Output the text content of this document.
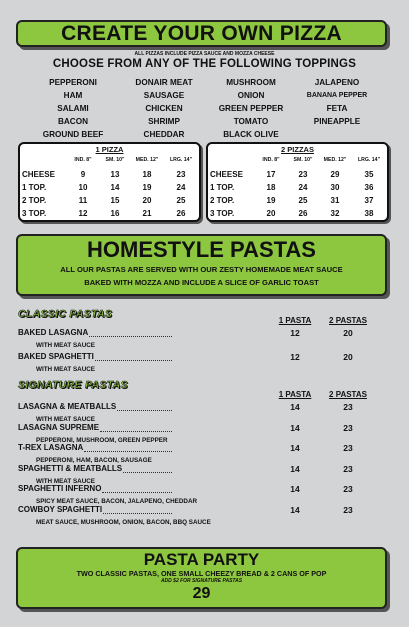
CREATE YOUR OWN PIZZA
ALL PIZZAS INCLUDE PIZZA SAUCE AND MOZZA CHEESE
CHOOSE FROM ANY OF THE FOLLOWING TOPPINGS
PEPPERONI
HAM
SALAMI
BACON
GROUND BEEF
DONAIR MEAT
SAUSAGE
CHICKEN
SHRIMP
CHEDDAR
MUSHROOM
ONION
GREEN PEPPER
TOMATO
BLACK OLIVE
JALAPENO
BANANA PEPPER
FETA
PINEAPPLE
1 PIZZA
IND. 8"	SM. 10"	MED. 12"	LRG. 14"
CHEESE	9	13	18	23
1 TOP.	10	14	19	24
2 TOP.	11	15	20	25
3 TOP.	12	16	21	26
2 PIZZAS
IND. 8"	SM. 10"	MED. 12"	LRG. 14"
CHEESE	17	23	29	35
1 TOP.	18	24	30	36
2 TOP.	19	25	31	37
3 TOP.	20	26	32	38
HOMESTYLE PASTAS
ALL OUR PASTAS ARE SERVED WITH OUR ZESTY HOMEMADE MEAT SAUCE
BAKED WITH MOZZA AND INCLUDE A SLICE OF GARLIC TOAST
CLASSIC PASTAS
1 PASTA	2 PASTAS
SIGNATURE PASTAS
1 PASTA	2 PASTAS
BAKED LASAGNA
WITH MEAT SAUCE
12	20
BAKED SPAGHETTI
WITH MEAT SAUCE
12	20
LASAGNA & MEATBALLS
WITH MEAT SAUCE
14	23
LASAGNA SUPREME
PEPPERONI, MUSHROOM, GREEN PEPPER
14	23
T-REX LASAGNA
PEPPERONI, HAM, BACON, SAUSAGE
14	23
SPAGHETTI & MEATBALLS
WITH MEAT SAUCE
14	23
SPAGHETTI INFERNO
SPICY MEAT SAUCE, BACON, JALAPENO, CHEDDAR
14	23
COWBOY SPAGHETTI
MEAT SAUCE, MUSHROOM, ONION, BACON, BBQ SAUCE
14	23
PASTA PARTY
TWO CLASSIC PASTAS, ONE SMALL CHEEZY BREAD & 2 CANS OF POP
ADD $2 FOR SIGNATURE PASTAS
29
